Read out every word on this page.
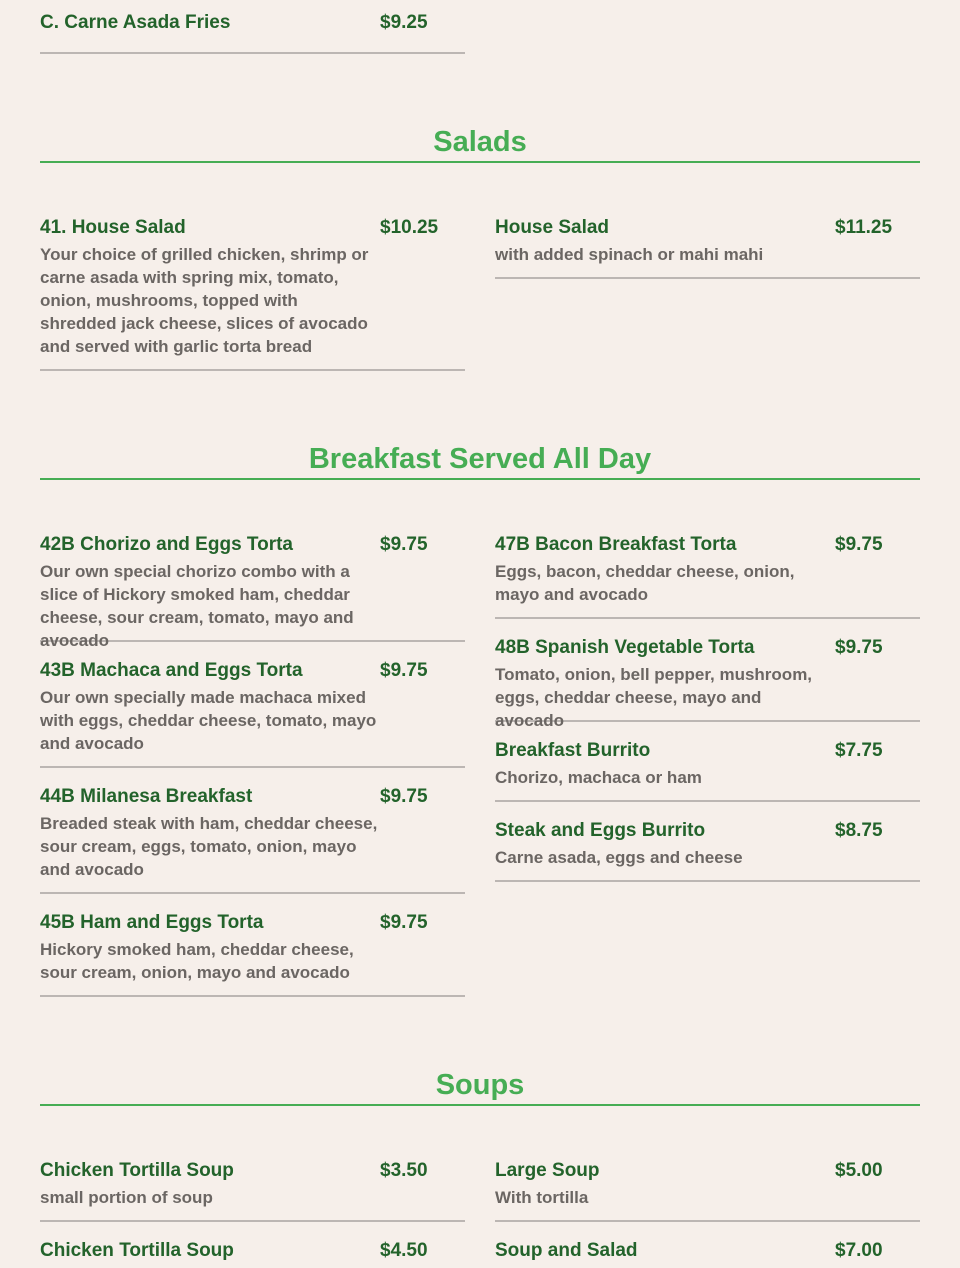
C. Carne Asada Fries	$9.25
Salads
41. House Salad	$10.25
Your choice of grilled chicken, shrimp or carne asada with spring mix, tomato, onion, mushrooms, topped with shredded jack cheese, slices of avocado and served with garlic torta bread
House Salad	$11.25
with added spinach or mahi mahi
Breakfast Served All Day
42B Chorizo and Eggs Torta	$9.75
Our own special chorizo combo with a slice of Hickory smoked ham, cheddar cheese, sour cream, tomato, mayo and avocado
43B Machaca and Eggs Torta	$9.75
Our own specially made machaca mixed with eggs, cheddar cheese, tomato, mayo and avocado
44B Milanesa Breakfast	$9.75
Breaded steak with ham, cheddar cheese, sour cream, eggs, tomato, onion, mayo and avocado
45B Ham and Eggs Torta	$9.75
Hickory smoked ham, cheddar cheese, sour cream, onion, mayo and avocado
47B Bacon Breakfast Torta	$9.75
Eggs, bacon, cheddar cheese, onion, mayo and avocado
48B Spanish Vegetable Torta	$9.75
Tomato, onion, bell pepper, mushroom, eggs, cheddar cheese, mayo and avocado
Breakfast Burrito	$7.75
Chorizo, machaca or ham
Steak and Eggs Burrito	$8.75
Carne asada, eggs and cheese
Soups
Chicken Tortilla Soup	$3.50
small portion of soup
Chicken Tortilla Soup	$4.50
Large Soup	$5.00
With tortilla
Soup and Salad	$7.00
